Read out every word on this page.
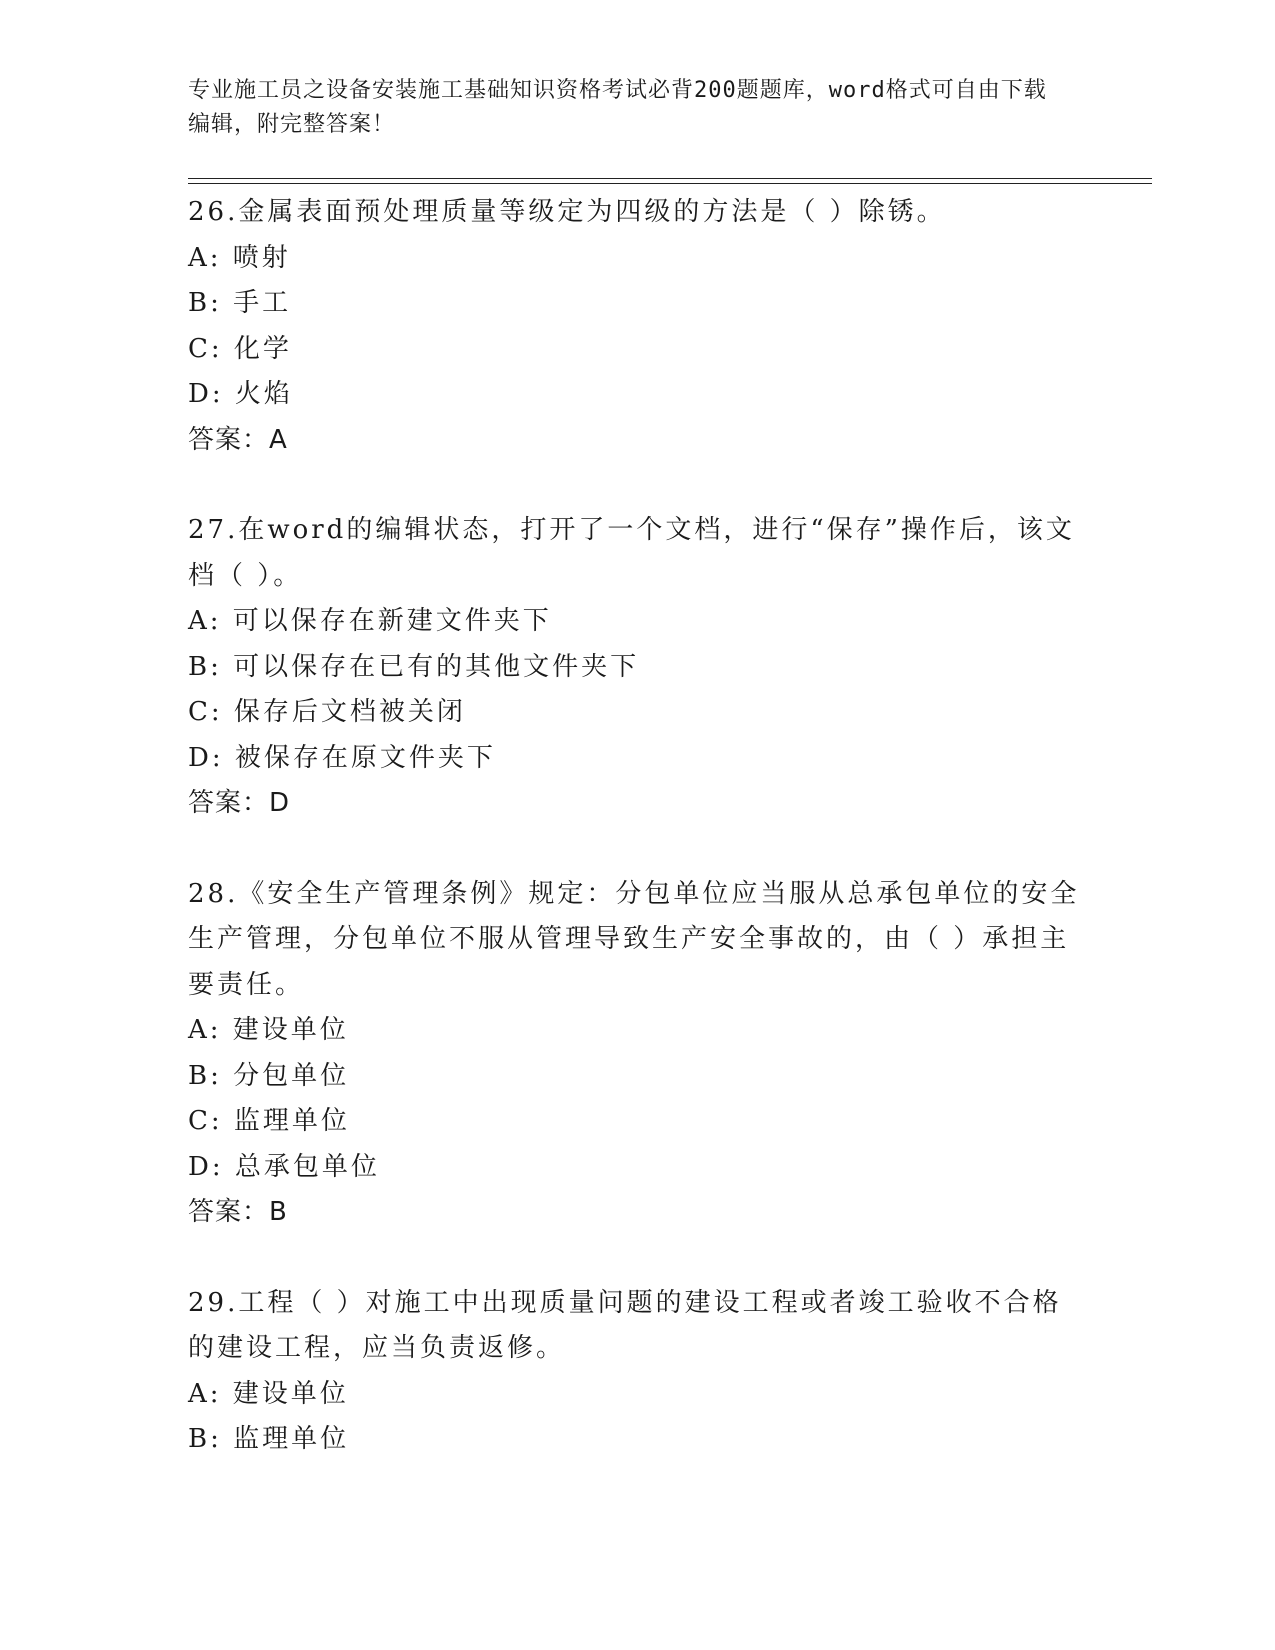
专业施工员之设备安装施工基础知识资格考试必背200题题库，word格式可自由下载编辑，附完整答案！

26.金属表面预处理质量等级定为四级的方法是（ ）除锈。

A: 喷射

B: 手工

C: 化学

D: 火焰

答案：A

27.在word的编辑状态，打开了一个文档，进行“保存”操作后，该文档（ ）。

A: 可以保存在新建文件夹下

B: 可以保存在已有的其他文件夹下

C: 保存后文档被关闭

D: 被保存在原文件夹下

答案：D

28.《安全生产管理条例》规定：分包单位应当服从总承包单位的安全生产管理，分包单位不服从管理导致生产安全事故的，由（ ）承担主要责任。

A: 建设单位

B: 分包单位

C: 监理单位

D: 总承包单位

答案：B

29.工程（ ）对施工中出现质量问题的建设工程或者竣工验收不合格的建设工程，应当负责返修。

A: 建设单位

B: 监理单位
